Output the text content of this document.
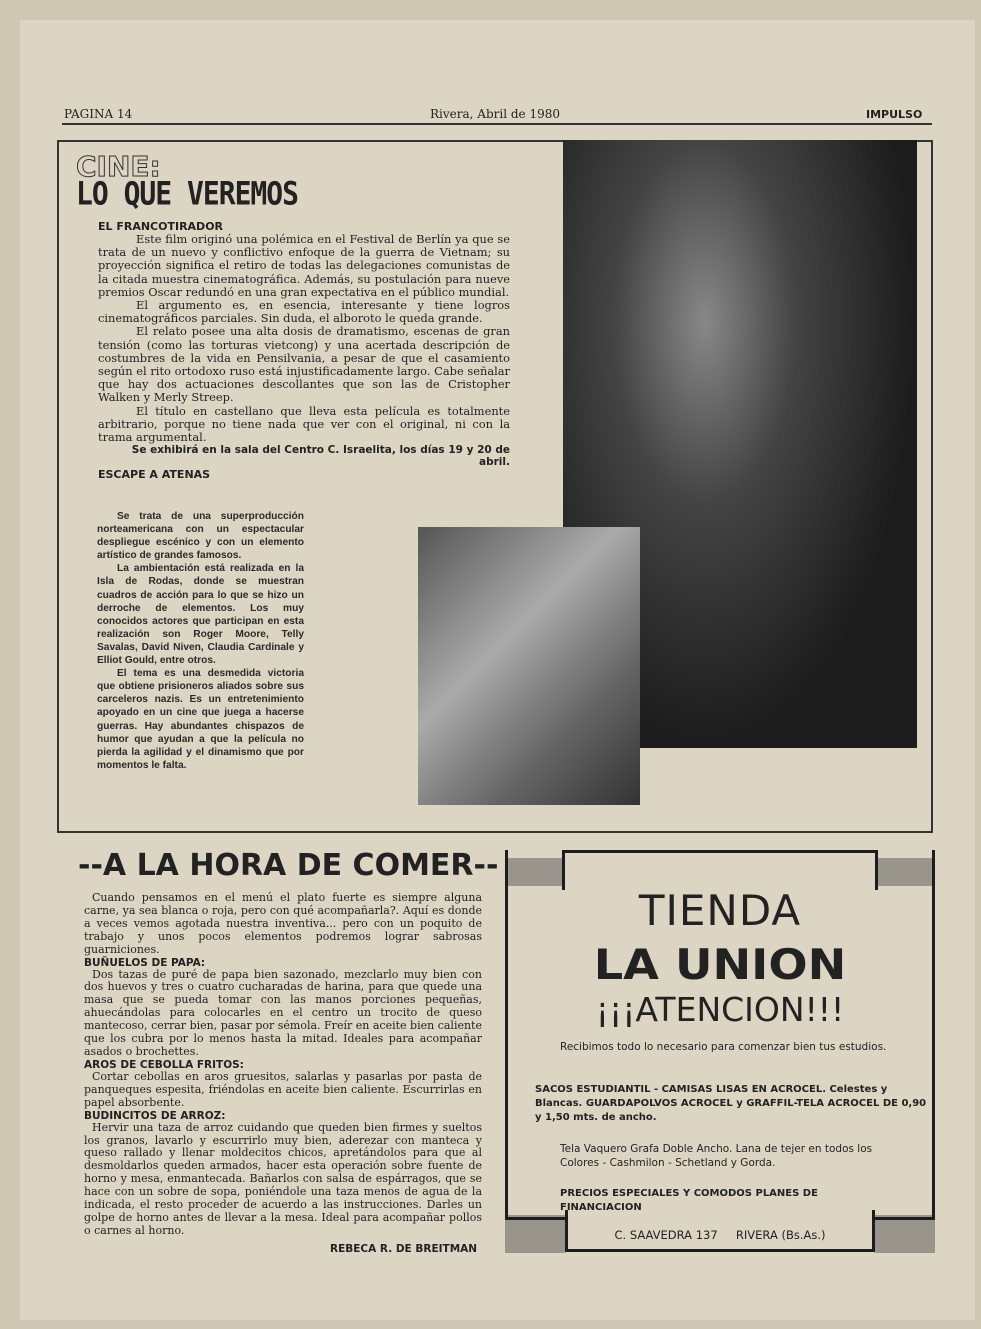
PAGINA 14	Rivera, Abril de 1980	IMPULSO
CINE:
LO QUE VEREMOS
EL FRANCOTIRADOR

Este film originó una polémica en el Festival de Berlín ya que se trata de un nuevo y conflictivo enfoque de la guerra de Vietnam; su proyección significa el retiro de todas las delegaciones comunistas de la citada muestra cinematográfica. Además, su postulación para nueve premios Oscar redundó en una gran expectativa en el público mundial.

El argumento es, en esencia, interesante y tiene logros cinematográficos parciales. Sin duda, el alboroto le queda grande.

El relato posee una alta dosis de dramatismo, escenas de gran tensión (como las torturas vietcong) y una acertada descripción de costumbres de la vida en Pensilvania, a pesar de que el casamiento según el rito ortodoxo ruso está injustificadamente largo. Cabe señalar que hay dos actuaciones descollantes que son las de Cristopher Walken y Merly Streep.

El título en castellano que lleva esta película es totalmente arbitrario, porque no tiene nada que ver con el original, ni con la trama argumental.

Se exhibirá en la sala del Centro C. Israelita, los días 19 y 20 de abril.

ESCAPE A ATENAS

Se trata de una superproducción norteamericana con un espectacular despliegue escénico y con un elemento artístico de grandes famosos.

La ambientación está realizada en la Isla de Rodas, donde se muestran cuadros de acción para lo que se hizo un derroche de elementos. Los muy conocidos actores que participan en esta realización son Roger Moore, Telly Savalas, David Niven, Claudia Cardinale y Elliot Gould, entre otros.

El tema es una desmedida victoria que obtiene prisioneros aliados sobre sus carceleros nazis. Es un entretenimiento apoyado en un cine que juega a hacerse guerras. Hay abundantes chispazos de humor que ayudan a que la película no pierda la agilidad y el dinamismo que por momentos le falta.

--A LA HORA DE COMER--

Cuando pensamos en el menú el plato fuerte es siempre alguna carne, ya sea blanca o roja, pero con qué acompañarla?. Aquí es donde a veces vemos agotada nuestra inventiva... pero con un poquito de trabajo y unos pocos elementos podremos lograr sabrosas guarniciones.

BUÑUELOS DE PAPA:

Dos tazas de puré de papa bien sazonado, mezclarlo muy bien con dos huevos y tres o cuatro cucharadas de harina, para que quede una masa que se pueda tomar con las manos porciones pequeñas, ahuecándolas para colocarles en el centro un trocito de queso mantecoso, cerrar bien, pasar por sémola. Freír en aceite bien caliente que los cubra por lo menos hasta la mitad. Ideales para acompañar asados o brochettes.

AROS DE CEBOLLA FRITOS:

Cortar cebollas en aros gruesitos, salarlas y pasarlas por pasta de panqueques espesita, friéndolas en aceite bien caliente. Escurrirlas en papel absorbente.

BUDINCITOS DE ARROZ:

Hervir una taza de arroz cuidando que queden bien firmes y sueltos los granos, lavarlo y escurrirlo muy bien, aderezar con manteca y queso rallado y llenar moldecitos chicos, apretándolos para que al desmoldarlos queden armados, hacer esta operación sobre fuente de horno y mesa, enmantecada. Bañarlos con salsa de espárragos, que se hace con un sobre de sopa, poniéndole una taza menos de agua de la indicada, el resto proceder de acuerdo a las instrucciones. Darles un golpe de horno antes de llevar a la mesa. Ideal para acompañar pollos o carnes al horno.

REBECA R. DE BREITMAN
TIENDA
LA UNION
¡¡¡ATENCION!!!
Recibimos todo lo necesario para comenzar bien tus estudios.
SACOS ESTUDIANTIL - CAMISAS LISAS EN ACROCEL. Celestes y Blancas. GUARDAPOLVOS ACROCEL y GRAFFIL-TELA ACROCEL DE 0,90 y 1,50 mts. de ancho.
Tela Vaquero Grafa Doble Ancho. Lana de tejer en todos los Colores - Cashmilon - Schetland y Gorda.
PRECIOS ESPECIALES Y COMODOS PLANES DE FINANCIACION
C. SAAVEDRA 137     RIVERA (Bs.As.)
